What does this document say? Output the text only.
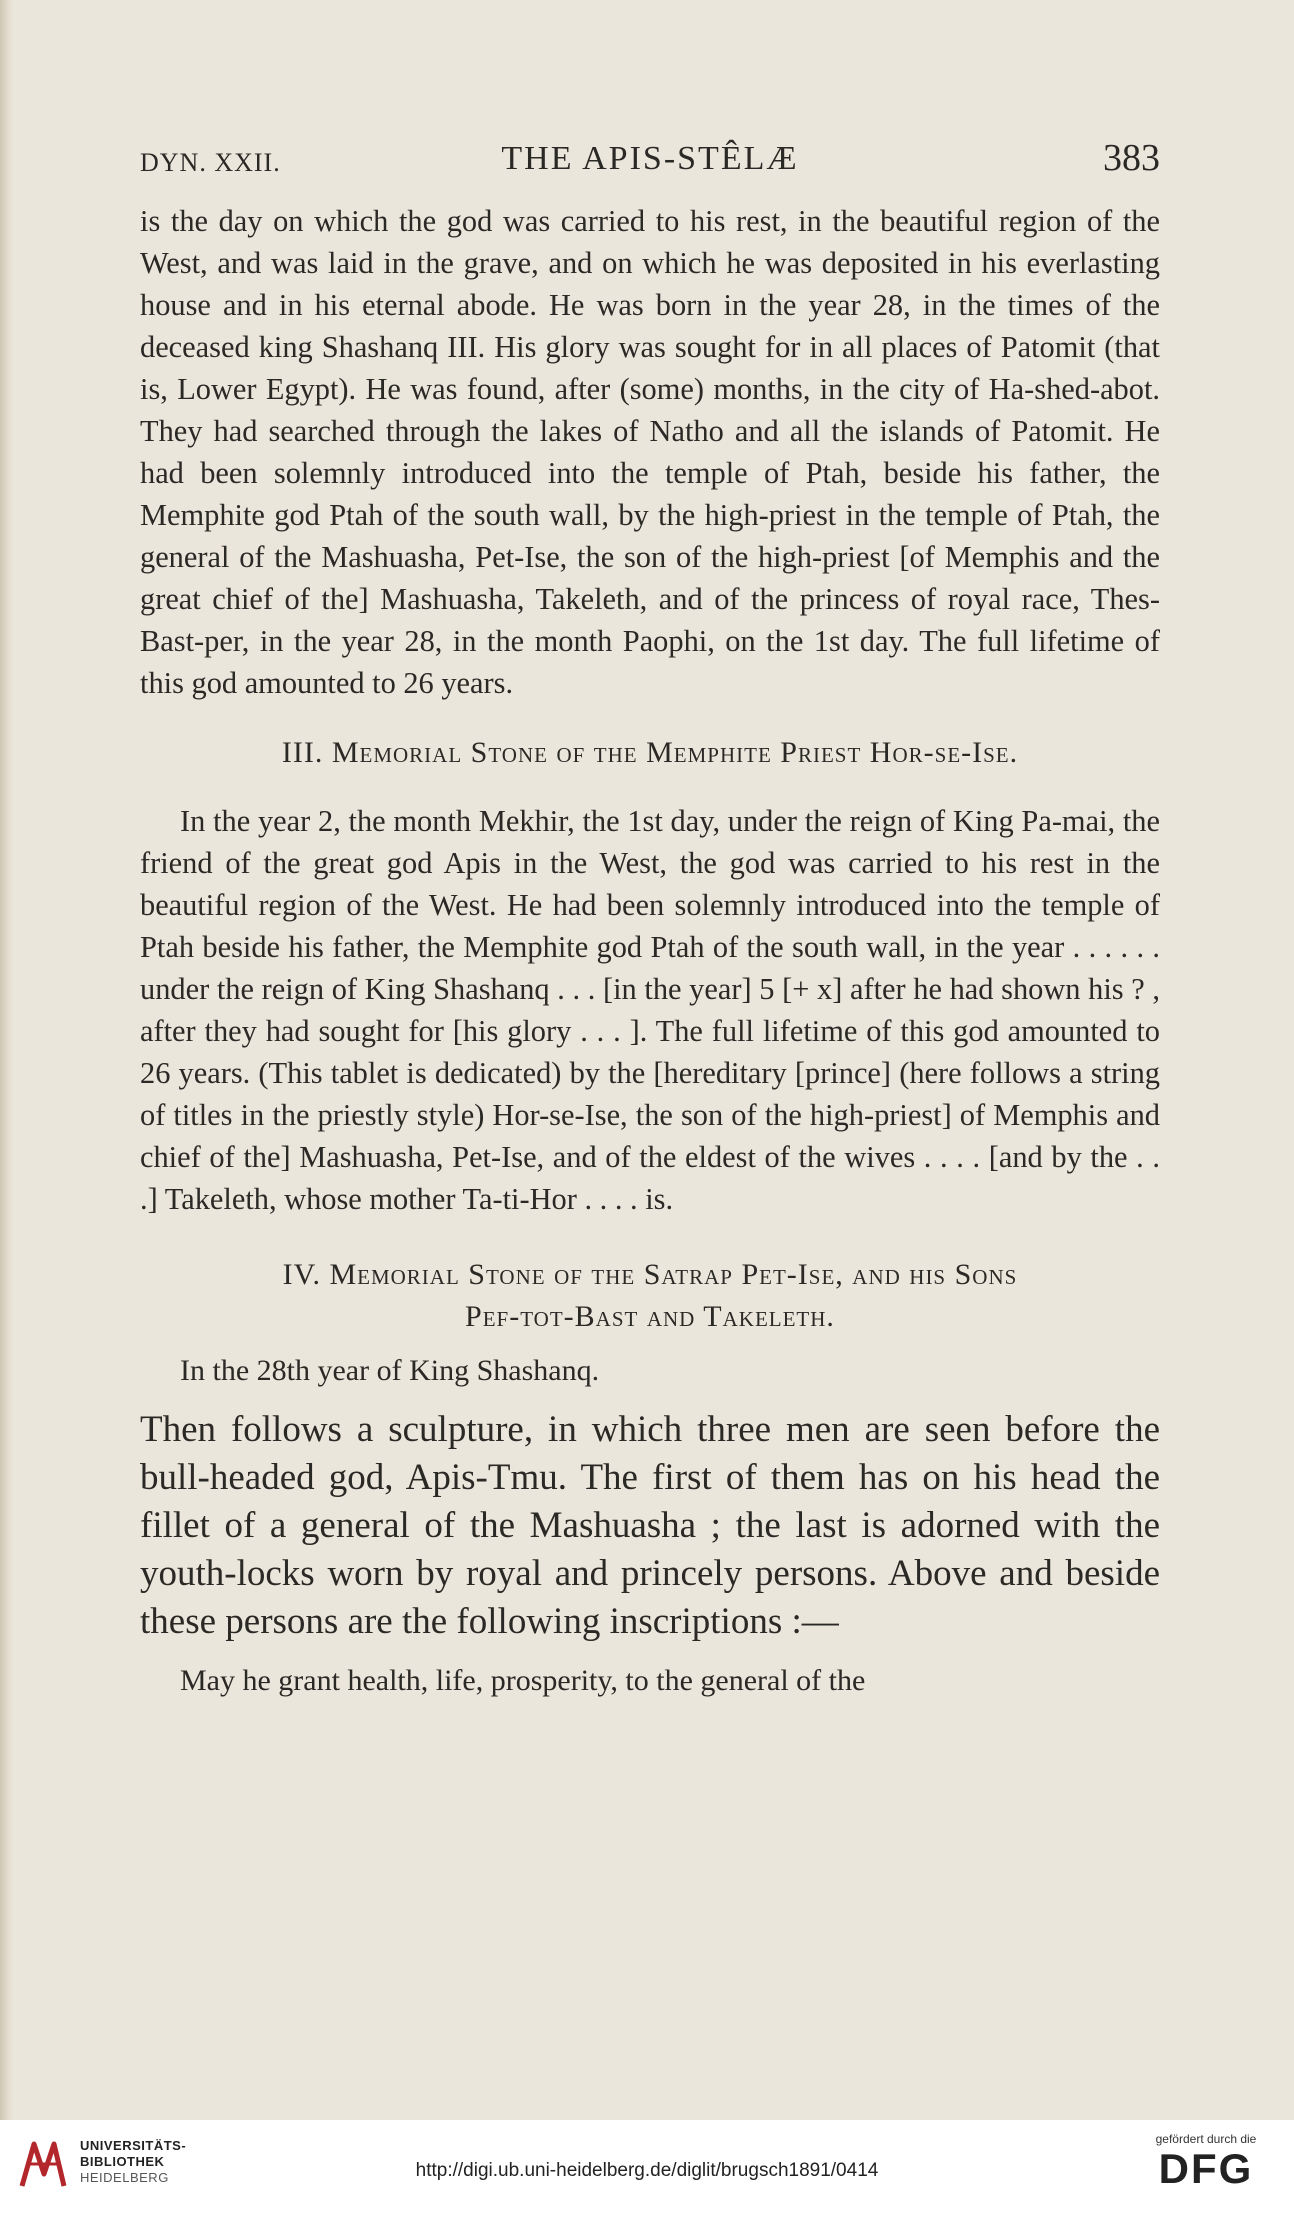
DYN. XXII.	THE APIS-STÊLÆ	383

is the day on which the god was carried to his rest, in the beautiful region of the West, and was laid in the grave, and on which he was deposited in his everlasting house and in his eternal abode. He was born in the year 28, in the times of the deceased king Shashanq III. His glory was sought for in all places of Patomit (that is, Lower Egypt). He was found, after (some) months, in the city of Ha-shed-abot. They had searched through the lakes of Natho and all the islands of Patomit. He had been solemnly introduced into the temple of Ptah, beside his father, the Memphite god Ptah of the south wall, by the high-priest in the temple of Ptah, the general of the Mashuasha, Pet-Ise, the son of the high-priest [of Memphis and the great chief of the] Mashuasha, Takeleth, and of the princess of royal race, Thes-Bast-per, in the year 28, in the month Paophi, on the 1st day. The full lifetime of this god amounted to 26 years.

III. Memorial Stone of the Memphite Priest Hor-se-Ise.

In the year 2, the month Mekhir, the 1st day, under the reign of King Pa-mai, the friend of the great god Apis in the West, the god was carried to his rest in the beautiful region of the West. He had been solemnly introduced into the temple of Ptah beside his father, the Memphite god Ptah of the south wall, in the year . . . . . . under the reign of King Shashanq . . . [in the year] 5 [+ x] after he had shown his ? , after they had sought for [his glory . . . ]. The full lifetime of this god amounted to 26 years. (This tablet is dedicated) by the [hereditary [prince] (here follows a string of titles in the priestly style) Hor-se-Ise, the son of the high-priest] of Memphis and chief of the] Mashuasha, Pet-Ise, and of the eldest of the wives . . . . [and by the . . .] Takeleth, whose mother Ta-ti-Hor . . . . is.

IV. Memorial Stone of the Satrap Pet-Ise, and his Sons
Pef-tot-Bast and Takeleth.

In the 28th year of King Shashanq.

Then follows a sculpture, in which three men are seen before the bull-headed god, Apis-Tmu. The first of them has on his head the fillet of a general of the Mashuasha ; the last is adorned with the youth-locks worn by royal and princely persons. Above and beside these persons are the following inscriptions :—

May he grant health, life, prosperity, to the general of the

UNIVERSITÄTS-
BIBLIOTHEK
HEIDELBERG	http://digi.ub.uni-heidelberg.de/diglit/brugsch1891/0414
gefördert durch die
DFG
